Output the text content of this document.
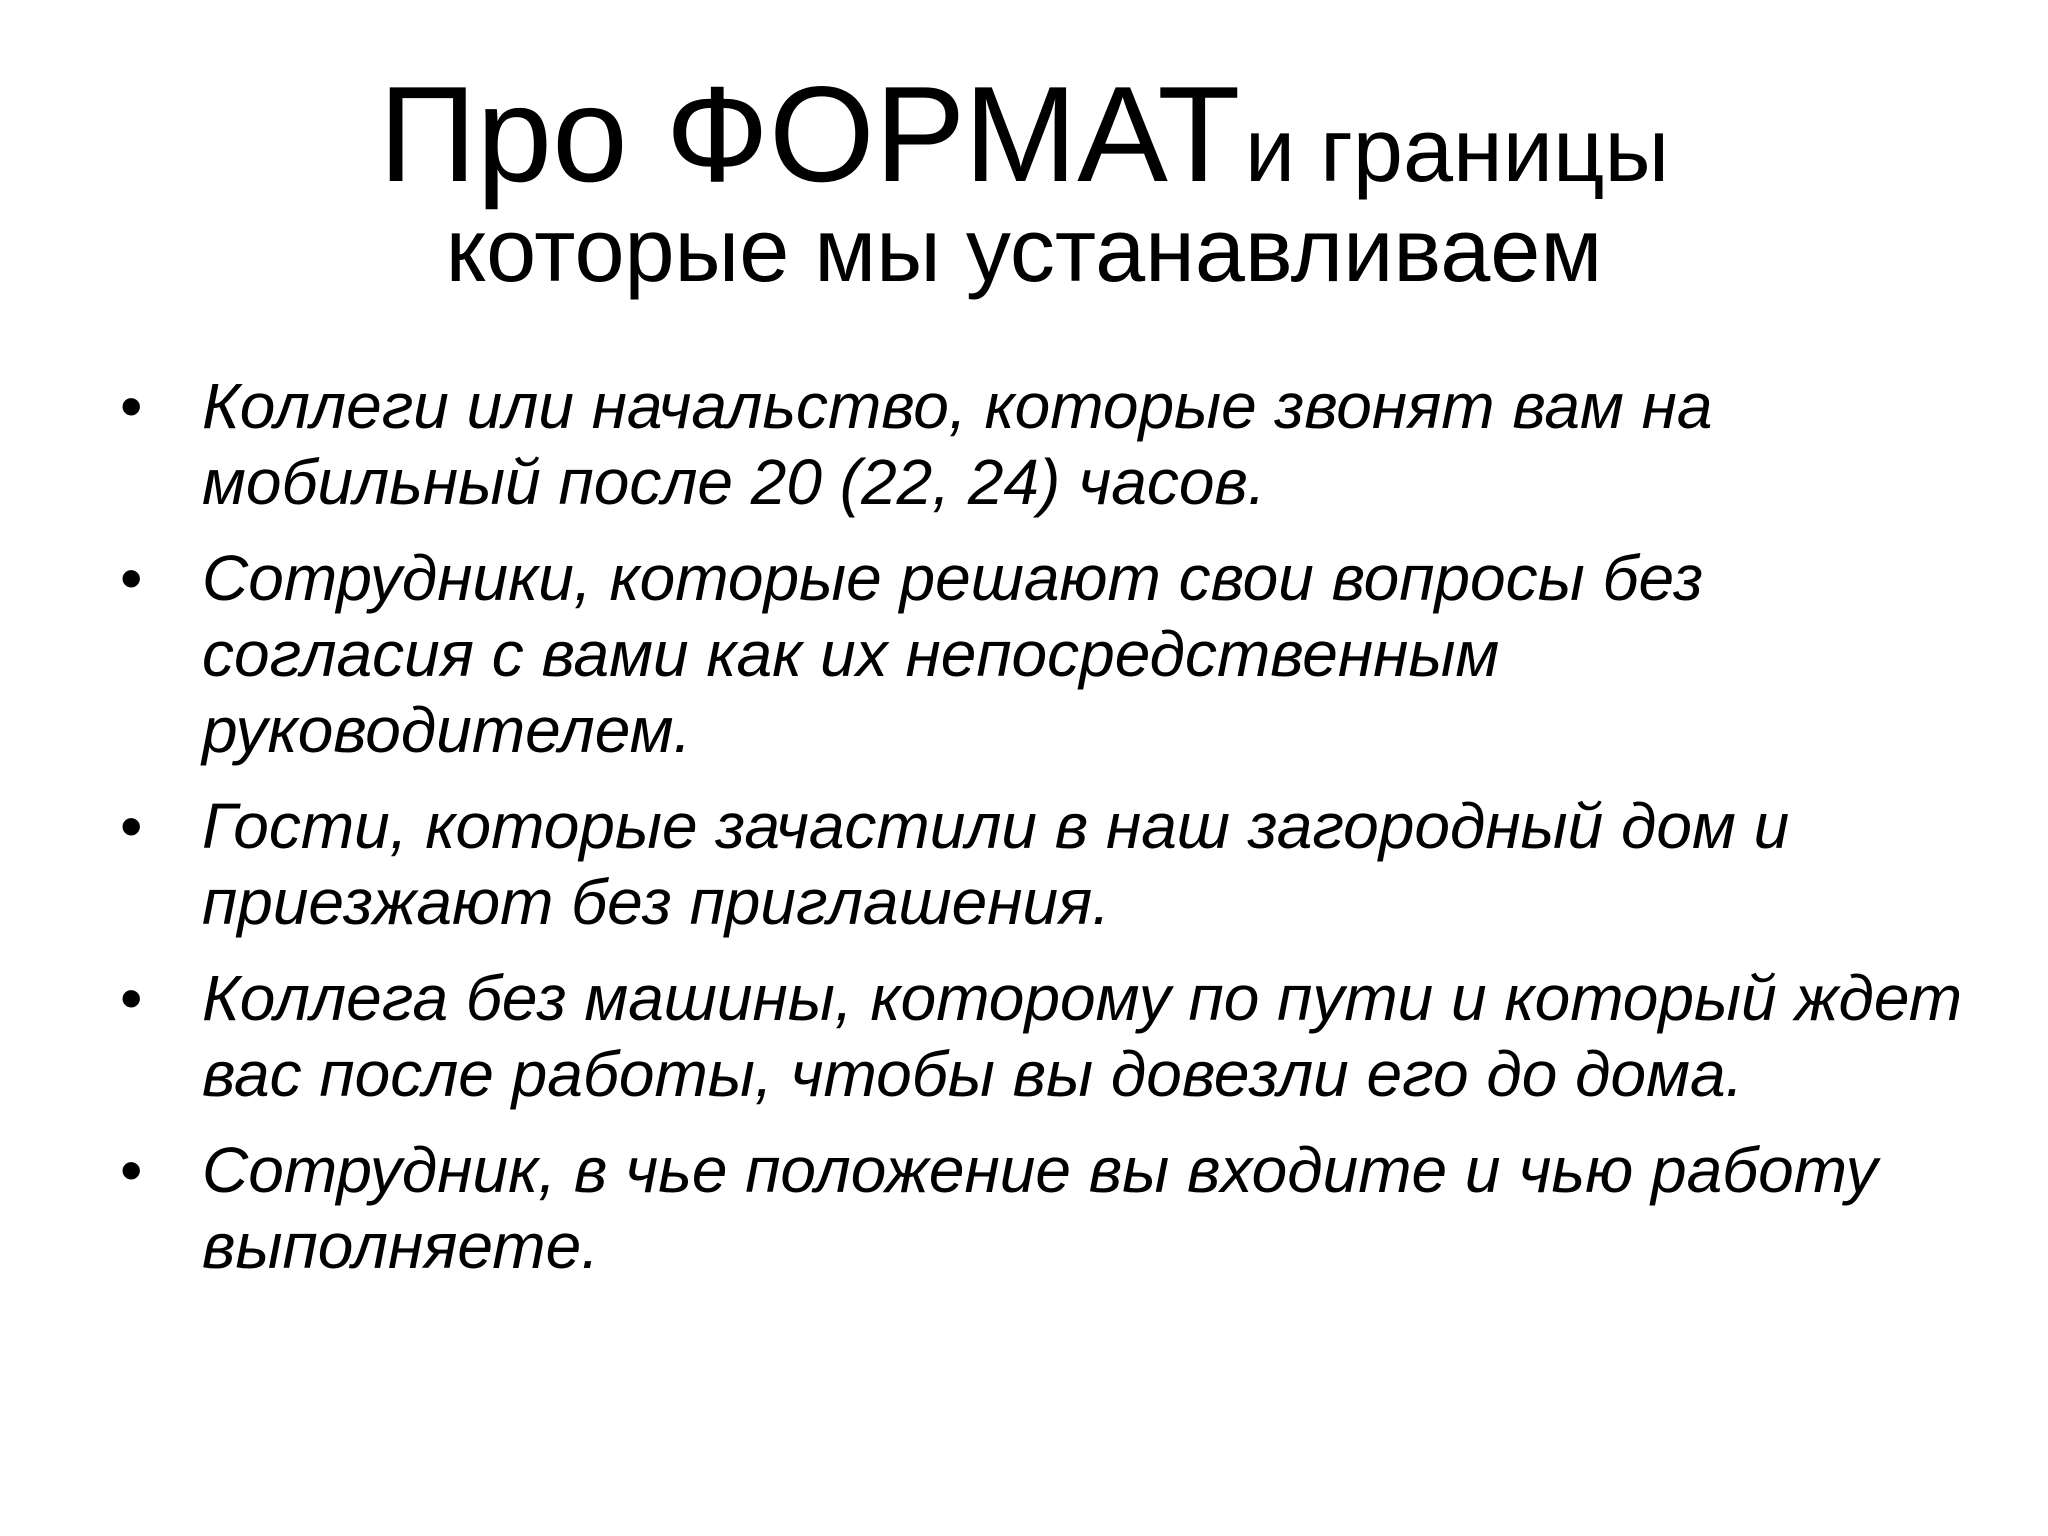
Про ФОРМАТ и границы
которые мы устанавливаем
• Коллеги или начальство, которые звонят вам на мобильный после 20 (22, 24) часов.
• Сотрудники, которые решают свои вопросы без согласия с вами как их непосредственным руководителем.
• Гости, которые зачастили в наш загородный дом и приезжают без приглашения.
• Коллега без машины, которому по пути и который ждет вас после работы, чтобы вы довезли его до дома.
• Сотрудник, в чье положение вы входите и чью работу выполняете.
